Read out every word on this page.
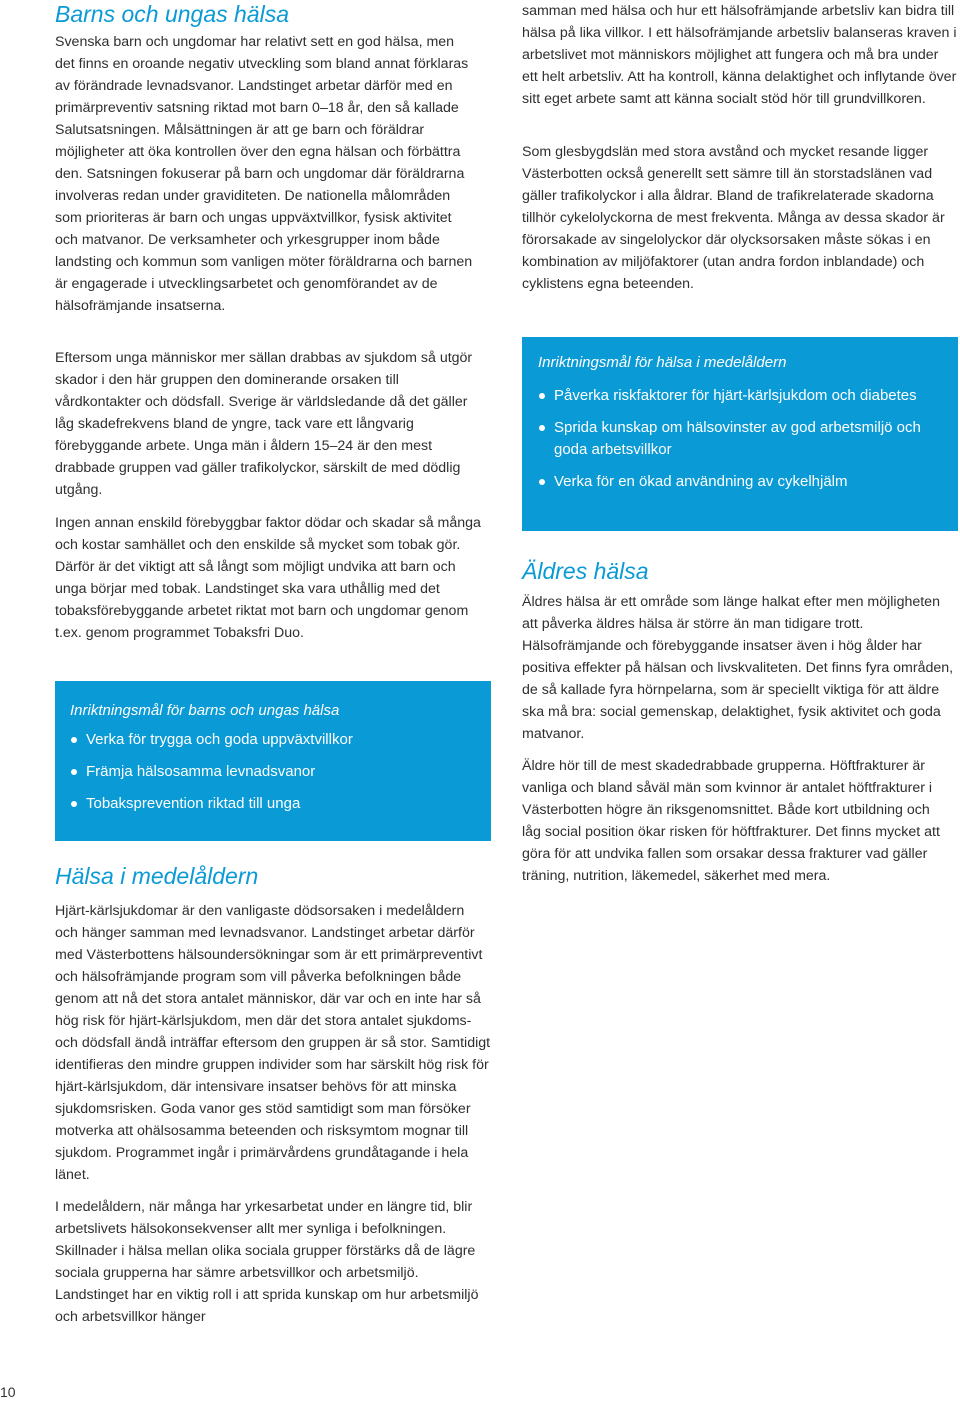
Barns och ungas hälsa

Svenska barn och ungdomar har relativt sett en god hälsa, men det finns en oroande negativ utveckling som bland annat förklaras av förändrade levnadsvanor. Landstinget arbetar därför med en primärpreventiv satsning riktad mot barn 0–18 år, den så kallade Salutsatsningen. Målsättningen är att ge barn och föräldrar möjligheter att öka kontrollen över den egna hälsan och förbättra den. Satsningen fokuserar på barn och ungdomar där föräldrarna involveras redan under graviditeten. De nationella målområden som prioriteras är barn och ungas uppväxtvillkor, fysisk aktivitet och matvanor. De verksamheter och yrkesgrupper inom både landsting och kommun som vanligen möter föräldrarna och barnen är engagerade i utvecklingsarbetet och genomförandet av de hälsofrämjande insatserna.

Eftersom unga människor mer sällan drabbas av sjukdom så utgör skador i den här gruppen den dominerande orsaken till vårdkontakter och dödsfall. Sverige är världsledande då det gäller låg skadefrekvens bland de yngre, tack vare ett långvarig förebyggande arbete. Unga män i åldern 15–24 är den mest drabbade gruppen vad gäller trafikolyckor, särskilt de med dödlig utgång.

Ingen annan enskild förebyggbar faktor dödar och skadar så många och kostar samhället och den enskilde så mycket som tobak gör. Därför är det viktigt att så långt som möjligt undvika att barn och unga börjar med tobak. Landstinget ska vara uthållig med det tobaksförebyggande arbetet riktat mot barn och ungdomar genom t.ex. genom programmet Tobaksfri Duo.

Inriktningsmål för barns och ungas hälsa
Verka för trygga och goda uppväxtvillkor
Främja hälsosamma levnadsvanor
Tobaksprevention riktad till unga
Hälsa i medelåldern

Hjärt-kärlsjukdomar är den vanligaste dödsorsaken i medelåldern och hänger samman med levnadsvanor. Landstinget arbetar därför med Västerbottens hälsoundersökningar som är ett primärpreventivt och hälsofrämjande program som vill påverka befolkningen både genom att nå det stora antalet människor, där var och en inte har så hög risk för hjärt-kärlsjukdom, men där det stora antalet sjukdoms- och dödsfall ändå inträffar eftersom den gruppen är så stor. Samtidigt identifieras den mindre gruppen individer som har särskilt hög risk för hjärt-kärlsjukdom, där intensivare insatser behövs för att minska sjukdomsrisken. Goda vanor ges stöd samtidigt som man försöker motverka att ohälsosamma beteenden och risksymtom mognar till sjukdom. Programmet ingår i primärvårdens grundåtagande i hela länet.

I medelåldern, när många har yrkesarbetat under en längre tid, blir arbetslivets hälsokonsekvenser allt mer synliga i befolkningen. Skillnader i hälsa mellan olika sociala grupper förstärks då de lägre sociala grupperna har sämre arbetsvillkor och arbetsmiljö. Landstinget har en viktig roll i att sprida kunskap om hur arbetsmiljö och arbetsvillkor hänger

samman med hälsa och hur ett hälsofrämjande arbetsliv kan bidra till hälsa på lika villkor. I ett hälsofrämjande arbetsliv balanseras kraven i arbetslivet mot människors möjlighet att fungera och må bra under ett helt arbetsliv. Att ha kontroll, känna delaktighet och inflytande över sitt eget arbete samt att känna socialt stöd hör till grundvillkoren.

Som glesbygdslän med stora avstånd och mycket resande ligger Västerbotten också generellt sett sämre till än storstadslänen vad gäller trafikolyckor i alla åldrar. Bland de trafikrelaterade skadorna tillhör cykelolyckorna de mest frekventa. Många av dessa skador är förorsakade av singelolyckor där olycksorsaken måste sökas i en kombination av miljöfaktorer (utan andra fordon inblandade) och cyklistens egna beteenden.

Inriktningsmål för hälsa i medelåldern
Påverka riskfaktorer för hjärt-kärlsjukdom och diabetes
Sprida kunskap om hälsovinster av god arbetsmiljö och goda arbetsvillkor
Verka för en ökad användning av cykelhjälm
Äldres hälsa

Äldres hälsa är ett område som länge halkat efter men möjligheten att påverka äldres hälsa är större än man tidigare trott. Hälsofrämjande och förebyggande insatser även i hög ålder har positiva effekter på hälsan och livskvaliteten. Det finns fyra områden, de så kallade fyra hörnpelarna, som är speciellt viktiga för att äldre ska må bra: social gemenskap, delaktighet, fysik aktivitet och goda matvanor.

Äldre hör till de mest skadedrabbade grupperna. Höftfrakturer är vanliga och bland såväl män som kvinnor är antalet höftfrakturer i Västerbotten högre än riksgenomsnittet. Både kort utbildning och låg social position ökar risken för höftfrakturer. Det finns mycket att göra för att undvika fallen som orsakar dessa frakturer vad gäller träning, nutrition, läkemedel, säkerhet med mera.

10
